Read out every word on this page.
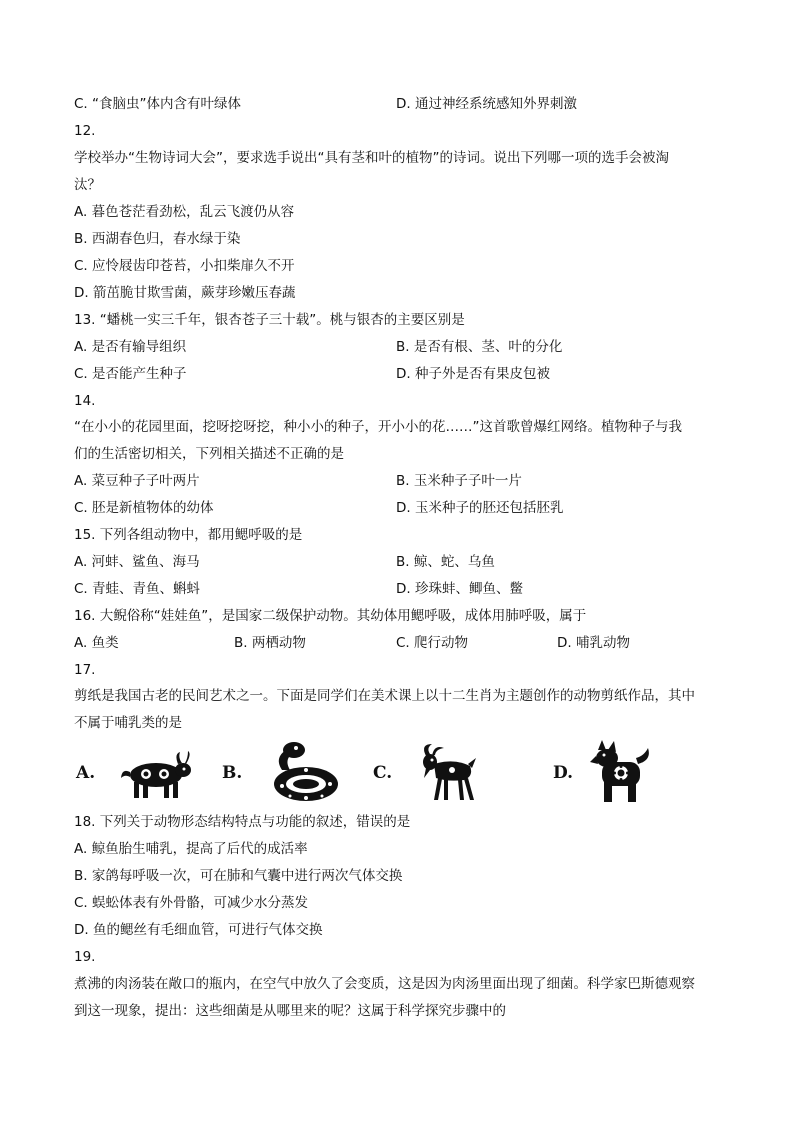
C. “食脑虫”体内含有叶绿体	D. 通过神经系统感知外界刺激
12.
学校举办“生物诗词大会”，要求选手说出“具有茎和叶的植物”的诗词。说出下列哪一项的选手会被淘
汰？
A. 暮色苍茫看劲松，乱云飞渡仍从容
B. 西湖春色归，春水绿于染
C. 应怜屐齿印苍苔，小扣柴扉久不开
D. 箭茁脆甘欺雪菌，蕨芽珍嫩压春蔬
13. “蟠桃一实三千年，银杏苍子三十载”。桃与银杏的主要区别是
A. 是否有输导组织	B. 是否有根、茎、叶的分化
C. 是否能产生种子	D. 种子外是否有果皮包被
14.
“在小小的花园里面，挖呀挖呀挖，种小小的种子，开小小的花……”这首歌曾爆红网络。植物种子与我
们的生活密切相关，下列相关描述不正确的是
A. 菜豆种子子叶两片	B. 玉米种子子叶一片
C. 胚是新植物体的幼体	D. 玉米种子的胚还包括胚乳
15. 下列各组动物中，都用鳃呼吸的是
A. 河蚌、鲨鱼、海马	B. 鲸、蛇、乌鱼
C. 青蛙、青鱼、蝌蚪	D. 珍珠蚌、鲫鱼、鳖
16. 大鲵俗称“娃娃鱼”，是国家二级保护动物。其幼体用鳃呼吸，成体用肺呼吸，属于
A. 鱼类	B. 两栖动物	C. 爬行动物	D. 哺乳动物
17.
剪纸是我国古老的民间艺术之一。下面是同学们在美术课上以十二生肖为主题创作的动物剪纸作品，其中
不属于哺乳类的是
A.	B.	C.	D.
18. 下列关于动物形态结构特点与功能的叙述，错误的是
A. 鲸鱼胎生哺乳，提高了后代的成活率
B. 家鸽每呼吸一次，可在肺和气囊中进行两次气体交换
C. 蜈蚣体表有外骨骼，可减少水分蒸发
D. 鱼的鳃丝有毛细血管，可进行气体交换
19.
煮沸的肉汤装在敞口的瓶内，在空气中放久了会变质，这是因为肉汤里面出现了细菌。科学家巴斯德观察
到这一现象，提出：这些细菌是从哪里来的呢？这属于科学探究步骤中的
